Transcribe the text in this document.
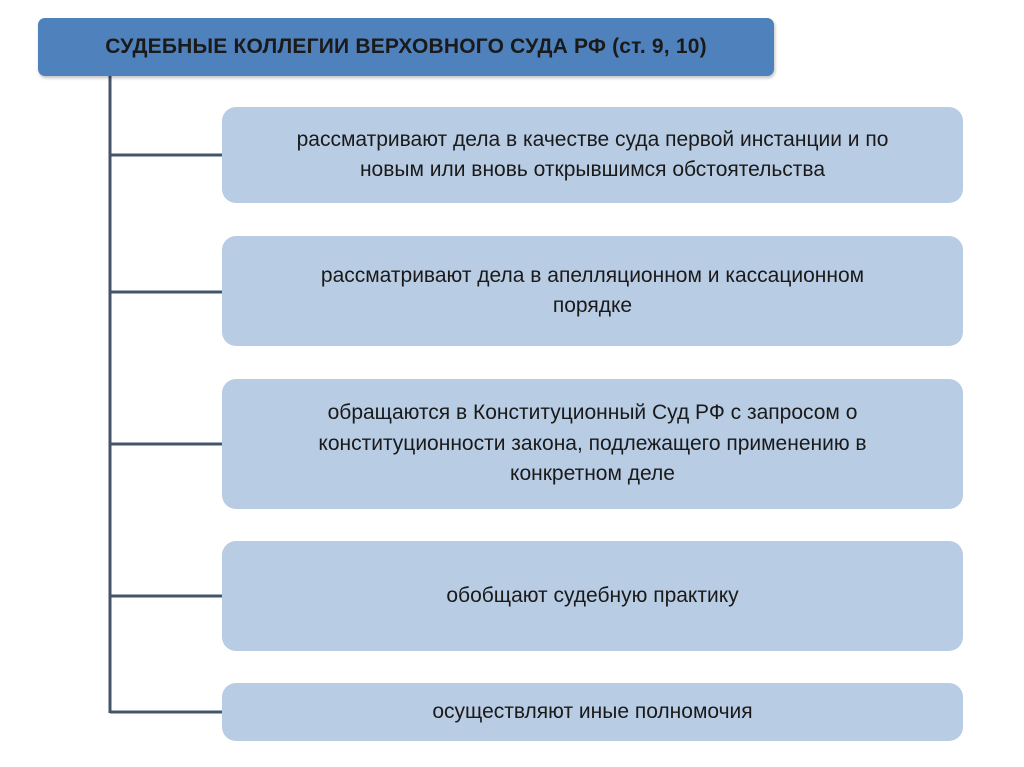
СУДЕБНЫЕ КОЛЛЕГИИ ВЕРХОВНОГО СУДА РФ (ст. 9, 10)
рассматривают дела в качестве суда первой инстанции и по
новым или вновь открывшимся обстоятельства
рассматривают дела в апелляционном и кассационном
порядке
обращаются в Конституционный Суд РФ с запросом о
конституционности закона, подлежащего применению в
конкретном деле
обобщают судебную практику
осуществляют иные полномочия
